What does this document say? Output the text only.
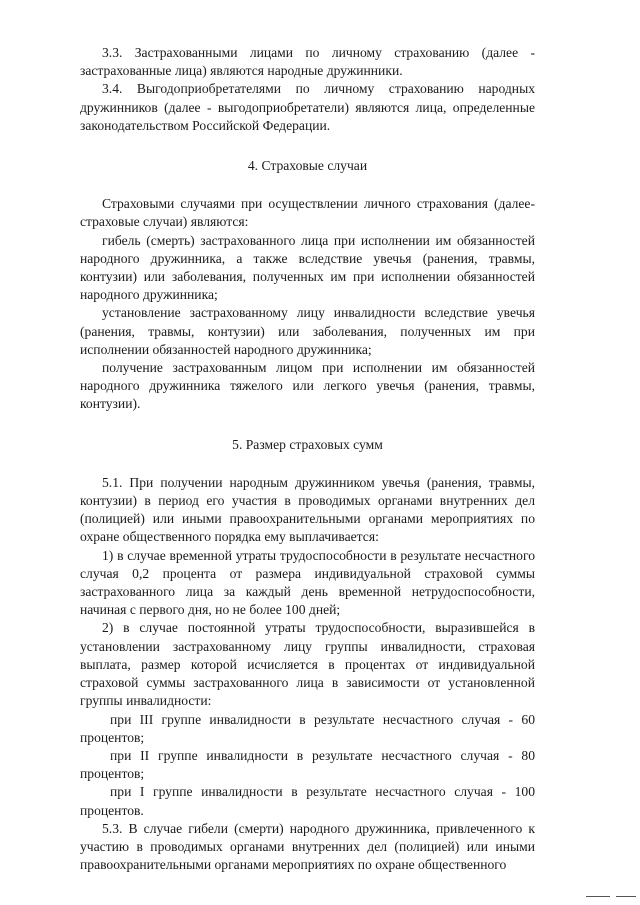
3.3. Застрахованными лицами по личному страхованию (далее - застрахованные лица) являются народные дружинники.

3.4. Выгодоприобретателями по личному страхованию народных дружинников (далее - выгодоприобретатели) являются лица, определенные законодательством Российской Федерации.

4. Страховые случаи

Страховыми случаями при осуществлении личного страхования (далее- страховые случаи) являются:

гибель (смерть) застрахованного лица при исполнении им обязанностей народного дружинника, а также вследствие увечья (ранения, травмы, контузии) или заболевания, полученных им при исполнении обязанностей народного дружинника;

установление застрахованному лицу инвалидности вследствие увечья (ранения, травмы, контузии) или заболевания, полученных им при исполнении обязанностей народного дружинника;

получение застрахованным лицом при исполнении им обязанностей народного дружинника тяжелого или легкого увечья (ранения, травмы, контузии).

5. Размер страховых сумм

5.1. При получении народным дружинником увечья (ранения, травмы, контузии) в период его участия в проводимых органами внутренних дел (полицией) или иными правоохранительными органами мероприятиях по охране общественного порядка ему выплачивается:

1) в случае временной утраты трудоспособности в результате несчастного случая 0,2 процента от размера индивидуальной страховой суммы застрахованного лица за каждый день временной нетрудоспособности, начиная с первого дня, но не более 100 дней;

2) в случае постоянной утраты трудоспособности, выразившейся в установлении застрахованному лицу группы инвалидности, страховая выплата, размер которой исчисляется в процентах от индивидуальной страховой суммы застрахованного лица в зависимости от установленной группы инвалидности:

при III группе инвалидности в результате несчастного случая - 60 процентов;

при II группе инвалидности в результате несчастного случая - 80 процентов;

при I группе инвалидности в результате несчастного случая - 100 процентов.

5.3. В случае гибели (смерти) народного дружинника, привлеченного к участию в проводимых органами внутренних дел (полицией) или иными правоохранительными органами мероприятиях по охране общественного
